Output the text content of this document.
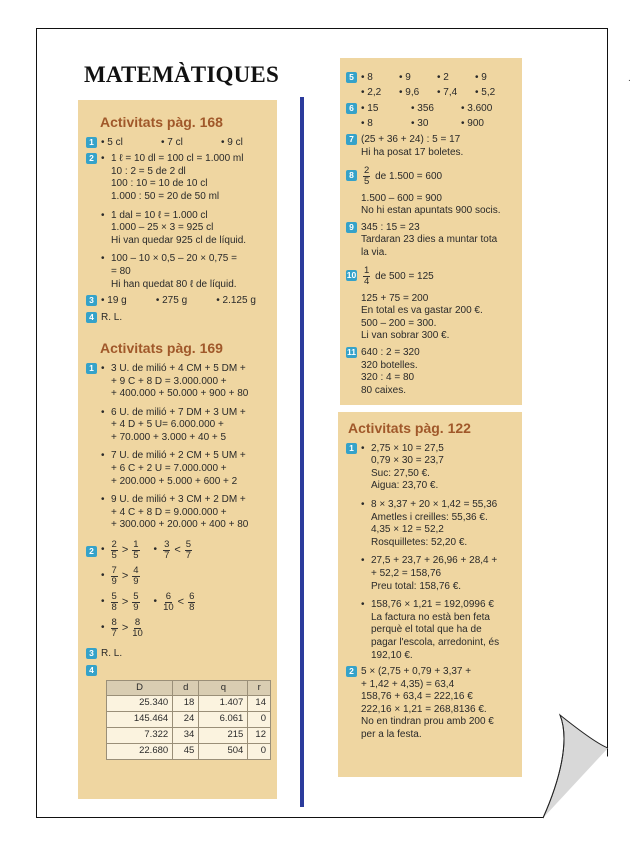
.
MATEMÀTIQUES
Activitats pàg. 168
1 • 5 cl	• 7 cl	• 9 cl
2 • 1 ℓ = 10 dl = 100 cl = 1.000 ml
10 : 2 = 5 de 2 dl
100 : 10 = 10 de 10 cl
1.000 : 50 = 20 de 50 ml
• 1 dal = 10 ℓ = 1.000 cl
1.000 – 25 × 3 = 925 cl
Hi van quedar 925 cl de líquid.
• 100 – 10 × 0,5 – 20 × 0,75 =
= 80
Hi han quedat 80 ℓ de líquid.
3 • 19 g	• 275 g	• 2.125 g
4 R. L.
Activitats pàg. 169
1 • 3 U. de milió + 4 CM + 5 DM +
+ 9 C + 8 D = 3.000.000 +
+ 400.000 + 50.000 + 900 + 80
• 6 U. de milió + 7 DM + 3 UM +
+ 4 D + 5 U= 6.000.000 +
+ 70.000 + 3.000 + 40 + 5
• 7 U. de milió + 2 CM + 5 UM +
+ 6 C + 2 U = 7.000.000 +
+ 200.000 + 5.000 + 600 + 2
• 9 U. de milió + 3 CM + 2 DM +
+ 4 C + 8 D = 9.000.000 +
+ 300.000 + 20.000 + 400 + 80
2 • $\frac{2}{5} > \frac{1}{5}$ • $\frac{3}{7} < \frac{5}{7}$
• $\frac{7}{9} > \frac{4}{9}$
• $\frac{5}{8} > \frac{5}{9}$ • $\frac{6}{10} < \frac{6}{8}$
• $\frac{8}{7} > \frac{8}{10}$
3 R. L.
4
D	d	q	r
25.340	18	1.407	14
145.464	24	6.061	0
7.322	34	215	12
22.680	45	504	0
5 • 8	• 9	• 2	• 9
• 2,2	• 9,6	• 7,4	• 5,2
6 • 15	• 356	• 3.600
• 8	• 30	• 900
7 (25 + 36 + 24) : 5 = 17
Hi ha posat 17 boletes.
$8 \frac{2}{5}$ de 1.500 = 600
1.500 – 600 = 900
No hi estan apuntats 900 socis.
9 345 : 15 = 23
Tardaran 23 dies a muntar tota
la via.
$10 \frac{1}{4}$ de 500 = 125
125 + 75 = 200
En total es va gastar 200 €.
500 – 200 = 300.
Li van sobrar 300 €.
11 640 : 2 = 320
320 botelles.
320 : 4 = 80
80 caixes.
Activitats pàg. 122
1 • 2,75 × 10 = 27,5
0,79 × 30 = 23,7
Suc: 27,50 €.
Aigua: 23,70 €.
• 8 × 3,37 + 20 × 1,42 = 55,36
Ametles i creilles: 55,36 €.
4,35 × 12 = 52,2
Rosquilletes: 52,20 €.
• 27,5 + 23,7 + 26,96 + 28,4 +
+ 52,2 = 158,76
Preu total: 158,76 €.
• 158,76 × 1,21 = 192,0996 €
La factura no està ben feta
perquè el total que ha de
pagar l'escola, arredonint, és
192,10 €.
2 5 × (2,75 + 0,79 + 3,37 +
+ 1,42 + 4,35) = 63,4
158,76 + 63,4 = 222,16 €
222,16 × 1,21 = 268,8136 €.
No en tindran prou amb 200 €
per a la festa.
